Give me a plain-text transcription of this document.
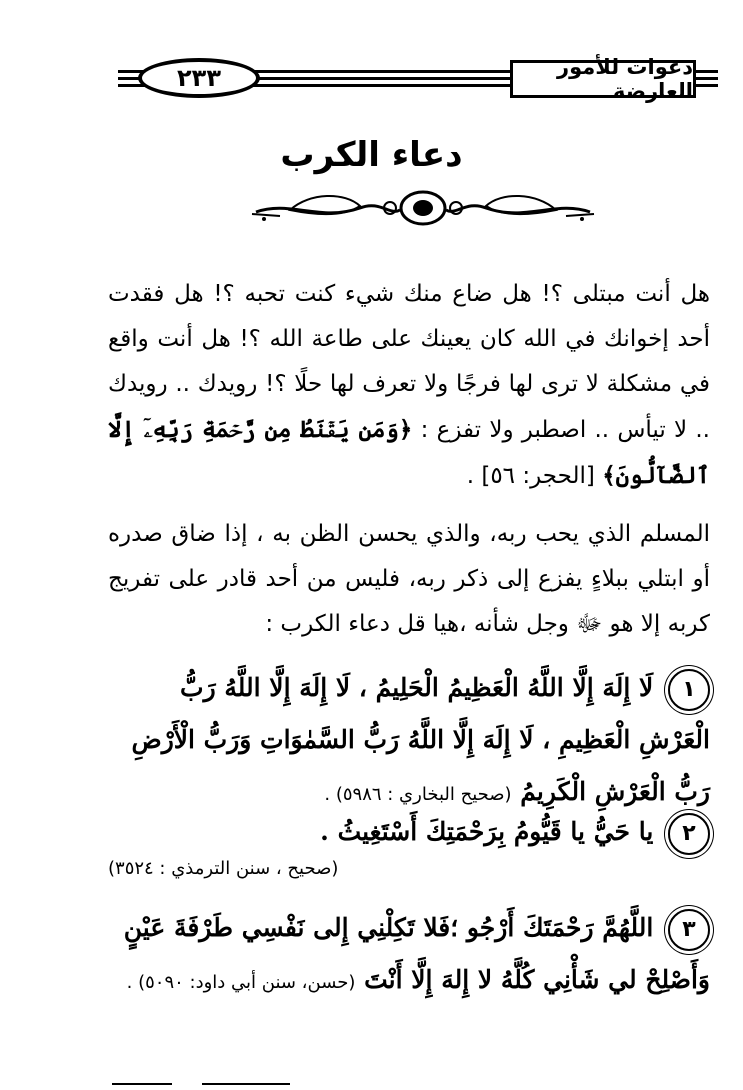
٢٣٣	دعوات للأمور العارضة
دعاء الكرب

هل أنت مبتلى ؟! هل ضاع منك شيء كنت تحبه ؟! هل فقدت أحد إخوانك في الله كان يعينك على طاعة الله ؟! هل أنت واقع في مشكلة لا ترى لها فرجًا ولا تعرف لها حلًا ؟! رويدك .. رويدك .. لا تيأس .. اصطبر ولا تفزع : ﴿وَمَن يَقۡنَطُ مِن رَّحۡمَةِ رَبِّهِۦٓ إِلَّا ٱلضَّآلُّونَ﴾ [الحجر: ٥٦] .

المسلم الذي يحب ربه، والذي يحسن الظن به ، إذا ضاق صدره أو ابتلي ببلاءٍ يفزع إلى ذكر ربه، فليس من أحد قادر على تفريج كربه إلا هو ﷻ وجل شأنه ،هيا قل دعاء الكرب :

١ لَا إِلَهَ إِلَّا اللَّهُ الْعَظِيمُ الْحَلِيمُ ، لَا إِلَهَ إِلَّا اللَّهُ رَبُّ الْعَرْشِ الْعَظِيمِ ، لَا إِلَهَ إِلَّا اللَّهُ رَبُّ السَّمٰوَاتِ وَرَبُّ الْأَرْضِ رَبُّ الْعَرْشِ الْكَرِيمُ (صحيح البخاري : ٥٩٨٦) .

٢ يا حَيُّ يا قَيُّومُ بِرَحْمَتِكَ أَسْتَغِيثُ .

(صحيح ، سنن الترمذي : ٣٥٢٤)

٣ اللَّهُمَّ رَحْمَتَكَ أَرْجُو ؛فَلا تَكِلْنِي إِلى نَفْسِي طَرْفَةَ عَيْنٍ وَأَصْلِحْ لي شَأْنِي كُلَّهُ لا إِلهَ إِلَّا أَنْتَ (حسن، سنن أبي داود: ٥٠٩٠) .
